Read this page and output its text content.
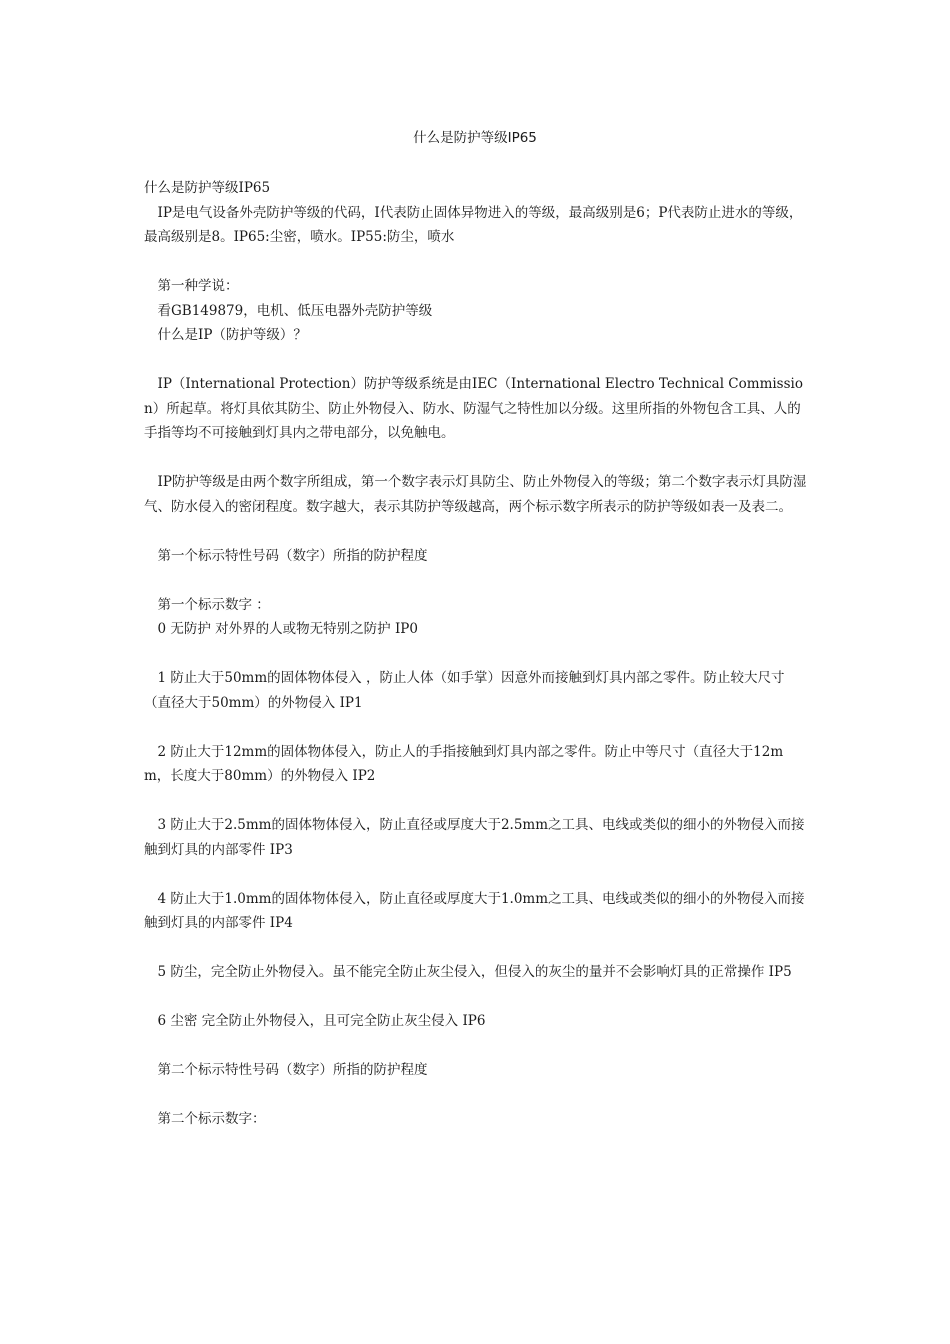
什么是防护等级IP65

什么是防护等级IP65

　IP是电气设备外壳防护等级的代码，I代表防止固体异物进入的等级，最高级别是6；P代表防止进水的等级，最高级别是8。IP65:尘密，喷水。IP55:防尘，喷水

　第一种学说：

　看GB149879，电机、低压电器外壳防护等级

　什么是IP（防护等级）？

　IP（International Protection）防护等级系统是由IEC（International Electro Technical Commission）所起草。将灯具依其防尘、防止外物侵入、防水、防湿气之特性加以分级。这里所指的外物包含工具、人的手指等均不可接触到灯具内之带电部分，以免触电。

　IP防护等级是由两个数字所组成，第一个数字表示灯具防尘、防止外物侵入的等级；第二个数字表示灯具防湿气、防水侵入的密闭程度。数字越大，表示其防护等级越高，两个标示数字所表示的防护等级如表一及表二。

　第一个标示特性号码（数字）所指的防护程度

　第一个标示数字 ：

　0 无防护 对外界的人或物无特别之防护 IP0

　1 防止大于50mm的固体物体侵入 ，防止人体（如手掌）因意外而接触到灯具内部之零件。防止较大尺寸（直径大于50mm）的外物侵入 IP1

　2 防止大于12mm的固体物体侵入，防止人的手指接触到灯具内部之零件。防止中等尺寸（直径大于12mm，长度大于80mm）的外物侵入 IP2

　3 防止大于2.5mm的固体物体侵入，防止直径或厚度大于2.5mm之工具、电线或类似的细小的外物侵入而接触到灯具的内部零件 IP3

　4 防止大于1.0mm的固体物体侵入，防止直径或厚度大于1.0mm之工具、电线或类似的细小的外物侵入而接触到灯具的内部零件 IP4

　5 防尘，完全防止外物侵入。虽不能完全防止灰尘侵入，但侵入的灰尘的量并不会影响灯具的正常操作 IP5

　6 尘密 完全防止外物侵入，且可完全防止灰尘侵入 IP6

　第二个标示特性号码（数字）所指的防护程度

　第二个标示数字：
